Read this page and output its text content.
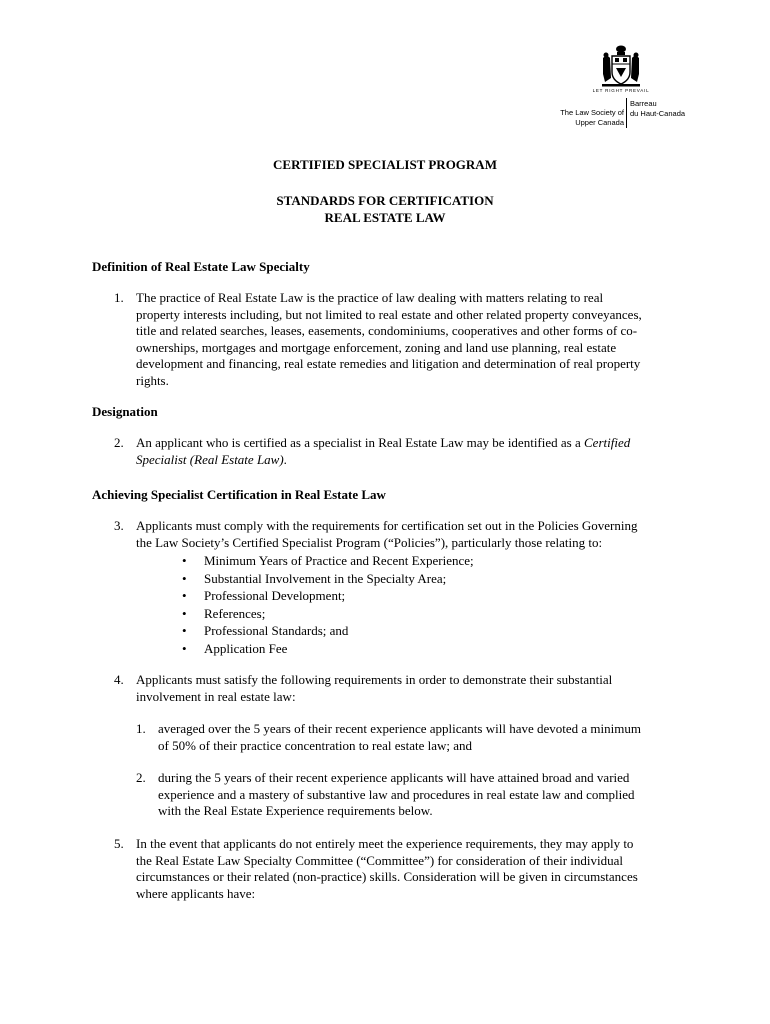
LET RIGHT PREVAIL
The Law Society of
Upper Canada
Barreau
du Haut-Canada
CERTIFIED SPECIALIST PROGRAM
STANDARDS FOR CERTIFICATION
REAL ESTATE LAW
Definition of Real Estate Law Specialty
1. The practice of Real Estate Law is the practice of law dealing with matters relating to real
property interests including, but not limited to real estate and other related property conveyances,
title and related searches, leases, easements, condominiums, cooperatives and other forms of co-
ownerships, mortgages and mortgage enforcement, zoning and land use planning, real estate
development and financing, real estate remedies and litigation and determination of real property
rights.
Designation
2. An applicant who is certified as a specialist in Real Estate Law may be identified as a Certified
Specialist (Real Estate Law).
Achieving Specialist Certification in Real Estate Law
3. Applicants must comply with the requirements for certification set out in the Policies Governing
the Law Society’s Certified Specialist Program (“Policies”), particularly those relating to:
• Minimum Years of Practice and Recent Experience;
• Substantial Involvement in the Specialty Area;
• Professional Development;
• References;
• Professional Standards; and
• Application Fee
4. Applicants must satisfy the following requirements in order to demonstrate their substantial
involvement in real estate law:
1. averaged over the 5 years of their recent experience applicants will have devoted a minimum
of 50% of their practice concentration to real estate law; and
2. during the 5 years of their recent experience applicants will have attained broad and varied
experience and a mastery of substantive law and procedures in real estate law and complied
with the Real Estate Experience requirements below.
5. In the event that applicants do not entirely meet the experience requirements, they may apply to
the Real Estate Law Specialty Committee (“Committee”) for consideration of their individual
circumstances or their related (non-practice) skills. Consideration will be given in circumstances
where applicants have:
